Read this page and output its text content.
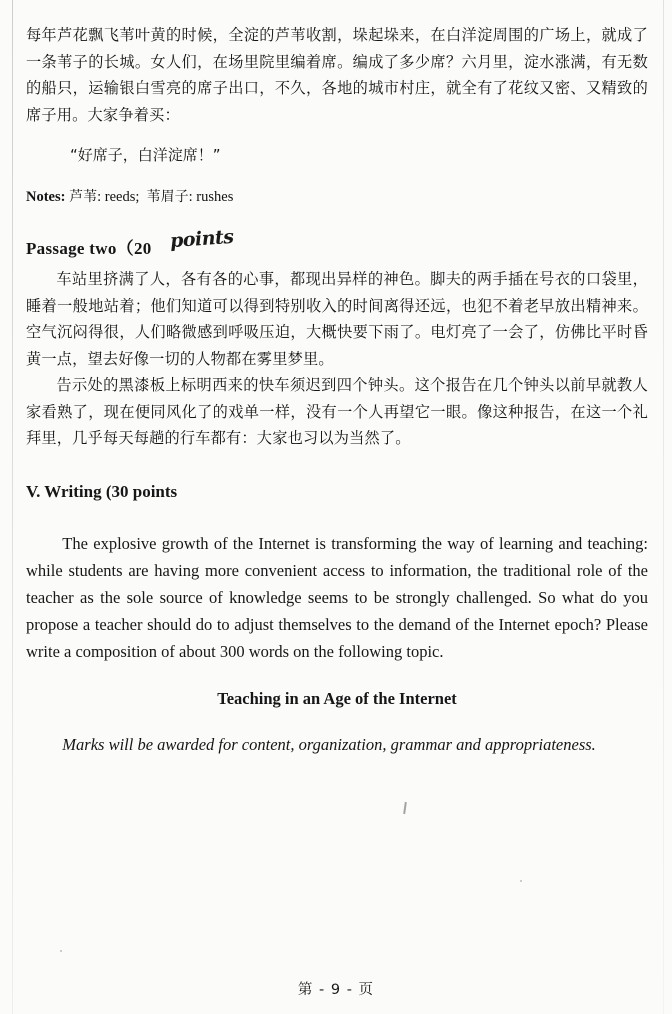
每年芦花飘飞苇叶黄的时候，全淀的芦苇收割，垛起垛来，在白洋淀周围的广场上，就成了一条苇子的长城。女人们，在场里院里编着席。编成了多少席？六月里，淀水涨满，有无数的船只，运输银白雪亮的席子出口，不久，各地的城市村庄，就全有了花纹又密、又精致的席子用。大家争着买：

“好席子，白洋淀席！”

Notes: 芦苇: reeds;  苇眉子: rushes

Passage two（20 points

车站里挤满了人，各有各的心事，都现出异样的神色。脚夫的两手插在号衣的口袋里，睡着一般地站着；他们知道可以得到特别收入的时间离得还远，也犯不着老早放出精神来。空气沉闷得很，人们略微感到呼吸压迫，大概快要下雨了。电灯亮了一会了，仿佛比平时昏黄一点，望去好像一切的人物都在雾里梦里。

告示处的黑漆板上标明西来的快车须迟到四个钟头。这个报告在几个钟头以前早就教人家看熟了，现在便同风化了的戏单一样，没有一个人再望它一眼。像这种报告，在这一个礼拜里，几乎每天每趟的行车都有：大家也习以为当然了。

V. Writing (30 points

The explosive growth of the Internet is transforming the way of learning and teaching: while students are having more convenient access to information, the traditional role of the teacher as the sole source of knowledge seems to be strongly challenged. So what do you propose a teacher should do to adjust themselves to the demand of the Internet epoch? Please write a composition of about 300 words on the following topic.

Teaching in an Age of the Internet

Marks will be awarded for content, organization, grammar and appropriateness.

第 - 9 - 页
